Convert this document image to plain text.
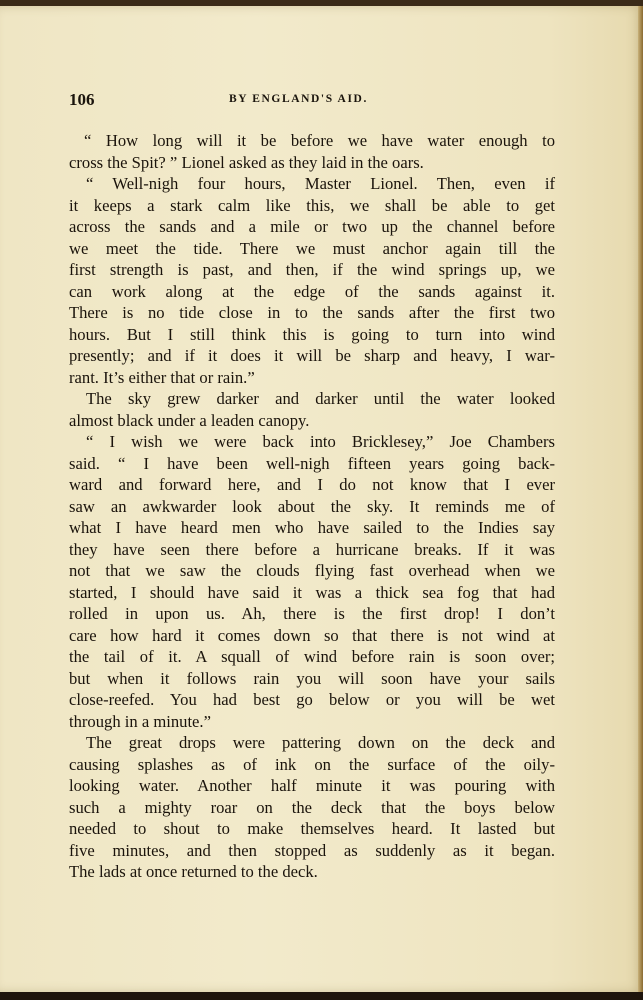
106	BY ENGLAND'S AID.

“ How long will it be before we have water enough to
cross the Spit? ” Lionel asked as they laid in the oars.

“ Well-nigh four hours, Master Lionel. Then, even if
it keeps a stark calm like this, we shall be able to get
across the sands and a mile or two up the channel before
we meet the tide. There we must anchor again till the
first strength is past, and then, if the wind springs up, we
can work along at the edge of the sands against it.
There is no tide close in to the sands after the first two
hours. But I still think this is going to turn into wind
presently; and if it does it will be sharp and heavy, I war-
rant. It’s either that or rain.”

The sky grew darker and darker until the water looked
almost black under a leaden canopy.

“ I wish we were back into Bricklesey,” Joe Chambers
said. “ I have been well-nigh fifteen years going back-
ward and forward here, and I do not know that I ever
saw an awkwarder look about the sky. It reminds me of
what I have heard men who have sailed to the Indies say
they have seen there before a hurricane breaks. If it was
not that we saw the clouds flying fast overhead when we
started, I should have said it was a thick sea fog that had
rolled in upon us. Ah, there is the first drop! I don’t
care how hard it comes down so that there is not wind at
the tail of it. A squall of wind before rain is soon over;
but when it follows rain you will soon have your sails
close-reefed. You had best go below or you will be wet
through in a minute.”

The great drops were pattering down on the deck and
causing splashes as of ink on the surface of the oily-
looking water. Another half minute it was pouring with
such a mighty roar on the deck that the boys below
needed to shout to make themselves heard. It lasted but
five minutes, and then stopped as suddenly as it began.
The lads at once returned to the deck.
